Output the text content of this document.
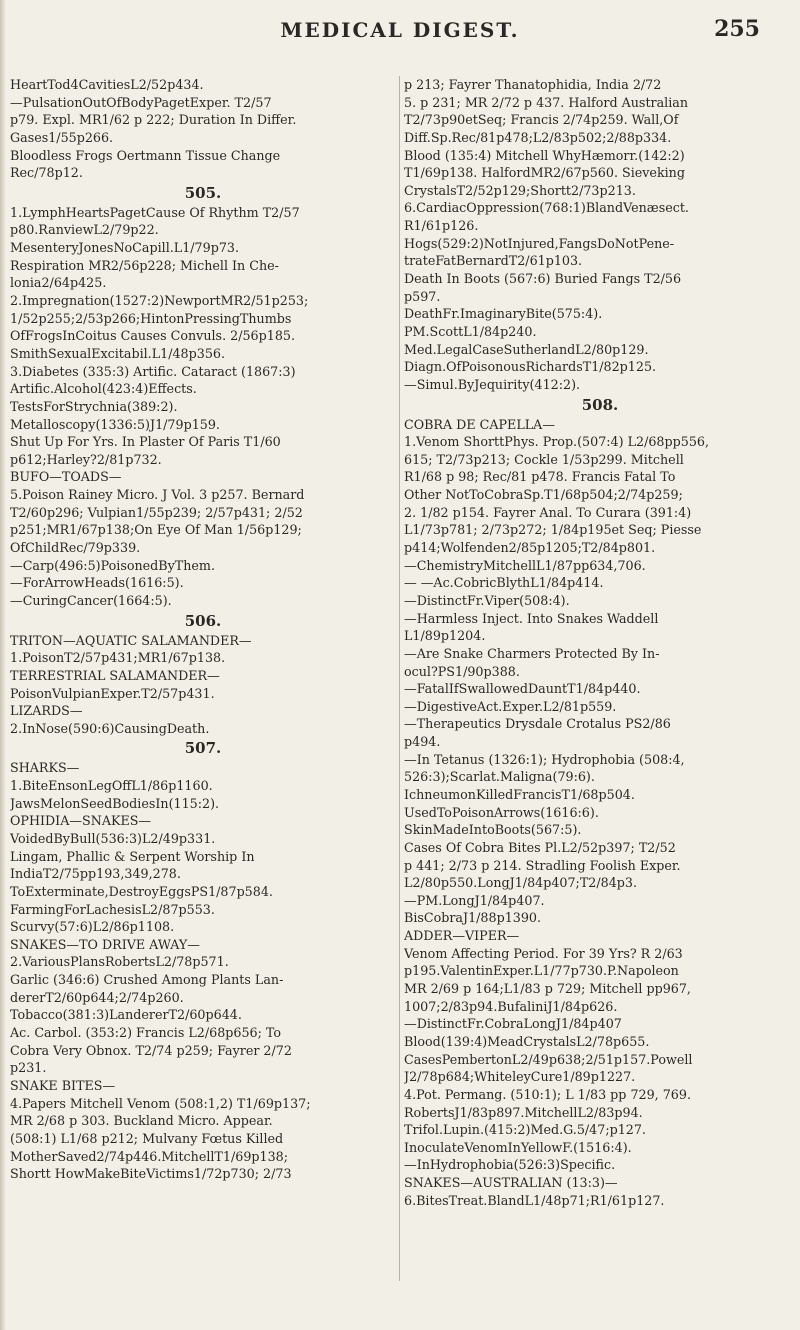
MEDICAL DIGEST.	255
HeartTod4CavitiesL2/52p434.
—PulsationOutOfBodyPagetExper. T2/57
p79. Expl. MR1/62 p 222; Duration In Differ.
Gases1/55p266.
Bloodless Frogs Oertmann Tissue Change
Rec/78p12.
505.
1.LymphHeartsPagetCause Of Rhythm T2/57
p80.RanviewL2/79p22.
MesenteryJonesNoCapill.L1/79p73.
Respiration MR2/56p228; Michell In Che-
lonia2/64p425.
2.Impregnation(1527:2)NewportMR2/51p253;
1/52p255;2/53p266;HintonPressingThumbs
OfFrogsInCoitus Causes Convuls. 2/56p185.
SmithSexualExcitabil.L1/48p356.
3.Diabetes (335:3) Artific. Cataract (1867:3)
Artific.Alcohol(423:4)Effects.
TestsForStrychnia(389:2).
Metalloscopy(1336:5)J1/79p159.
Shut Up For Yrs. In Plaster Of Paris T1/60
p612;Harley?2/81p732.
BUFO—TOADS—
5.Poison Rainey Micro. J Vol. 3 p257. Bernard
T2/60p296; Vulpian1/55p239; 2/57p431; 2/52
p251;MR1/67p138;On Eye Of Man 1/56p129;
OfChildRec/79p339.
—Carp(496:5)PoisonedByThem.
—ForArrowHeads(1616:5).
—CuringCancer(1664:5).
506.
TRITON—AQUATIC SALAMANDER—
1.PoisonT2/57p431;MR1/67p138.
TERRESTRIAL SALAMANDER—
PoisonVulpianExper.T2/57p431.
LIZARDS—
2.InNose(590:6)CausingDeath.
507.
SHARKS—
1.BiteEnsonLegOffL1/86p1160.
JawsMelonSeedBodiesIn(115:2).
OPHIDIA—SNAKES—
VoidedByBull(536:3)L2/49p331.
Lingam, Phallic & Serpent Worship In
IndiaT2/75pp193,349,278.
ToExterminate,DestroyEggsPS1/87p584.
FarmingForLachesisL2/87p553.
Scurvy(57:6)L2/86p1108.
SNAKES—TO DRIVE AWAY—
2.VariousPlansRobertsL2/78p571.
Garlic (346:6) Crushed Among Plants Lan-
dererT2/60p644;2/74p260.
Tobacco(381:3)LandererT2/60p644.
Ac. Carbol. (353:2) Francis L2/68p656; To
Cobra Very Obnox. T2/74 p259; Fayrer 2/72
p231.
SNAKE BITES—
4.Papers Mitchell Venom (508:1,2) T1/69p137;
MR 2/68 p 303. Buckland Micro. Appear.
(508:1) L1/68 p212; Mulvany Fœtus Killed
MotherSaved2/74p446.MitchellT1/69p138;
Shortt HowMakeBiteVictims1/72p730; 2/73
p 213; Fayrer Thanatophidia, India 2/72
5. p 231; MR 2/72 p 437. Halford Australian
T2/73p90etSeq; Francis 2/74p259. Wall,Of
Diff.Sp.Rec/81p478;L2/83p502;2/88p334.
Blood (135:4) Mitchell WhyHæmorr.(142:2)
T1/69p138. HalfordMR2/67p560. Sieveking
CrystalsT2/52p129;Shortt2/73p213.
6.CardiacOppression(768:1)BlandVenæsect.
R1/61p126.
Hogs(529:2)NotInjured,FangsDoNotPene-
trateFatBernardT2/61p103.
Death In Boots (567:6) Buried Fangs T2/56
p597.
DeathFr.ImaginaryBite(575:4).
PM.ScottL1/84p240.
Med.LegalCaseSutherlandL2/80p129.
Diagn.OfPoisonousRichardsT1/82p125.
—Simul.ByJequirity(412:2).
508.
COBRA DE CAPELLA—
1.Venom ShorttPhys. Prop.(507:4) L2/68pp556,
615; T2/73p213; Cockle 1/53p299. Mitchell
R1/68 p 98; Rec/81 p478. Francis Fatal To
Other NotToCobraSp.T1/68p504;2/74p259;
2. 1/82 p154. Fayrer Anal. To Curara (391:4)
L1/73p781; 2/73p272; 1/84p195et Seq; Piesse
p414;Wolfenden2/85p1205;T2/84p801.
—ChemistryMitchellL1/87pp634,706.
— —Ac.CobricBlythL1/84p414.
—DistinctFr.Viper(508:4).
—Harmless Inject. Into Snakes Waddell
L1/89p1204.
—Are Snake Charmers Protected By In-
ocul?PS1/90p388.
—FatalIfSwallowedDauntT1/84p440.
—DigestiveAct.Exper.L2/81p559.
—Therapeutics Drysdale Crotalus PS2/86
p494.
—In Tetanus (1326:1); Hydrophobia (508:4,
526:3);Scarlat.Maligna(79:6).
IchneumonKilledFrancisT1/68p504.
UsedToPoisonArrows(1616:6).
SkinMadeIntoBoots(567:5).
Cases Of Cobra Bites Pl.L2/52p397; T2/52
p 441; 2/73 p 214. Stradling Foolish Exper.
L2/80p550.LongJ1/84p407;T2/84p3.
—PM.LongJ1/84p407.
BisCobraJ1/88p1390.
ADDER—VIPER—
Venom Affecting Period. For 39 Yrs? R 2/63
p195.ValentinExper.L1/77p730.P.Napoleon
MR 2/69 p 164;L1/83 p 729; Mitchell pp967,
1007;2/83p94.BufaliniJ1/84p626.
—DistinctFr.CobraLongJ1/84p407
Blood(139:4)MeadCrystalsL2/78p655.
CasesPembertonL2/49p638;2/51p157.Powell
J2/78p684;WhiteleyCure1/89p1227.
4.Pot. Permang. (510:1); L 1/83 pp 729, 769.
RobertsJ1/83p897.MitchellL2/83p94.
Trifol.Lupin.(415:2)Med.G.5/47;p127.
InoculateVenomInYellowF.(1516:4).
—InHydrophobia(526:3)Specific.
SNAKES—AUSTRALIAN (13:3)—
6.BitesTreat.BlandL1/48p71;R1/61p127.
